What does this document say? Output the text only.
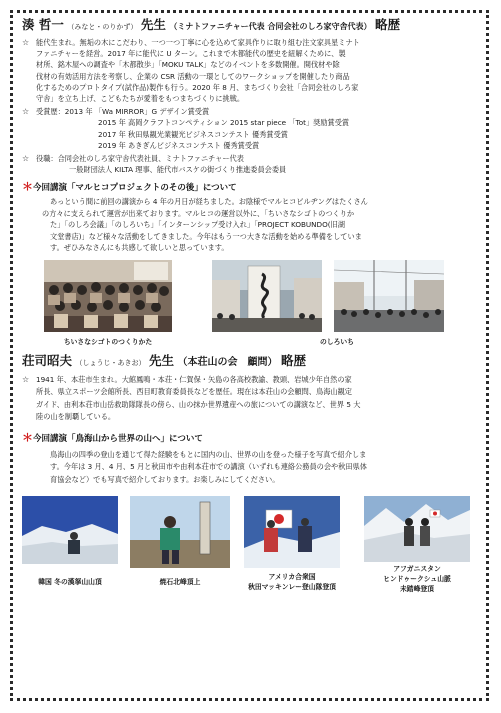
湊 哲一 （みなと・のりかず） 先生 （ミナトファニチャー代表 合同会社のしろ家守舎代表） 略歴
☆ 能代生まれ。無垢の木にこだわり、一つ一つ丁寧に心を込めて家具作りに取り組む注文家具星ミナト
ファニチャーを経営。2017 年に能代に U ターン。これまで木都能代の歴史を紐解くために、製
材所、銘木屋への調査や「木都散歩」「MOKU TALK」などのイベントを多数開催。開伐材や除
伐材の有効活用方法を考察し、企業の CSR 活動の一環としてのワークショップを開催したり商品
化するためのプロトタイプ(試作品)製作も行う。2020 年 8 月、まちづくり会社「合同会社のしろ家
守舎」を立ち上げ、こどもたちが愛着をもつまちづくりに挑戦。
☆ 受賞歴：2013 年 「Wa MIRROR」G デザイン賞受賞
2015 年 高岡クラフトコンペティション 2015 star piece 「Tot」奨励賞受賞
2017 年 秋田県観光業観光ビジネスコンテスト 優秀賞受賞
2019 年 あきぎんビジネスコンテスト 優秀賞受賞
☆ 役職：合同会社のしろ家守舎代表社員、ミナトファニチャー代表
一般財団法人 KILTA 理事、能代市バスケの街づくり推進委員会委員
＊今回講演「マルヒコプロジェクトのその後」について
あっという間に前回の講演から 4 年の月日が経ちました。お陰様でマルヒコビルヂングはたくさん
の方々に支えられて運営が出来ております。マルヒコの運営以外に、「ちいさなシゴトのつくりか
た」「のしろ会議」「のしろいち」「インターンシップ受け入れ」「PROJECT KOBUNDO(旧湖
文堂書店)」など様々な活動をしてきました。今年はもう一つ大きな活動を始める準備をしていま
す。ぜひみなさんにも共感して欲しいと思っています。
ちいさなシゴトのつくりかた	のしろいち
荘司昭夫 （しょうじ・あきお） 先生 （本荘山の会　顧問） 略歴
☆ 1941 年、本荘市生まれ。大館鳳鳴・本荘・仁賀保・矢島の各高校教諭、教頭、岩城少年自然の家
所長、県立スポーツ会館所長、西目町教育委員長などを歴任。現在は本荘山の会顧問、鳥海山観定
ガイド、由利本荘市山岳救助隊隊長の傍ら、山の抹か世界遺産への旅についての講演など、世界 5 大
陸の山を制覇している。
＊今回講演「鳥海山から世界の山へ」について
鳥海山の四季の登山を通じて得た経験をもとに国内の山、世界の山を登った様子を写真で紹介しま
す。今年は 3 月、4 月、5 月と秋田市や由利本荘市での講演（いずれも連絡公務員の会や秋田県体
育協会など）でも写真で紹介しております。お楽しみにしてください。
韓国 冬の漢拏山山頂	焼石北峰頂上
アメリカ合衆国
秋田マッキンレー登山隊登頂
アフガニスタン
ヒンドゥークシュ山脈
未踏峰登頂
